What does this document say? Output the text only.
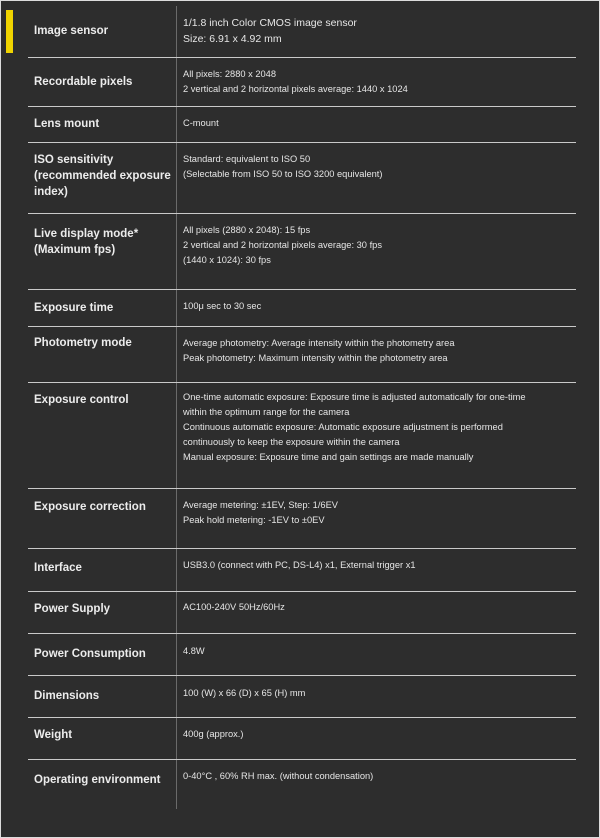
Image sensor	1/1.8 inch Color CMOS image sensor
Size: 6.91 x 4.92 mm

Recordable pixels	All pixels: 2880 x 2048
2 vertical and 2 horizontal pixels average: 1440 x 1024

Lens mount	C-mount

ISO sensitivity (recommended exposure index)	Standard: equivalent to ISO 50
(Selectable from ISO 50 to ISO 3200 equivalent)

Live display mode* (Maximum fps)	All pixels (2880 x 2048): 15 fps
2 vertical and 2 horizontal pixels average: 30 fps
(1440 x 1024): 30 fps

Exposure time	100μ sec to 30 sec

Photometry mode	Average photometry: Average intensity within the photometry area
Peak photometry: Maximum intensity within the photometry area

Exposure control	One-time automatic exposure: Exposure time is adjusted automatically for one-time
within the optimum range for the camera
Continuous automatic exposure: Automatic exposure adjustment is performed
continuously to keep the exposure within the camera
Manual exposure: Exposure time and gain settings are made manually

Exposure correction	Average metering: ±1EV, Step: 1/6EV
Peak hold metering: -1EV to ±0EV

Interface	USB3.0 (connect with PC, DS-L4) x1, External trigger x1

Power Supply	AC100-240V 50Hz/60Hz

Power Consumption	4.8W

Dimensions	100 (W) x 66 (D) x 65 (H) mm

Weight	400g (approx.)

Operating environment	0-40°C , 60% RH max. (without condensation)
